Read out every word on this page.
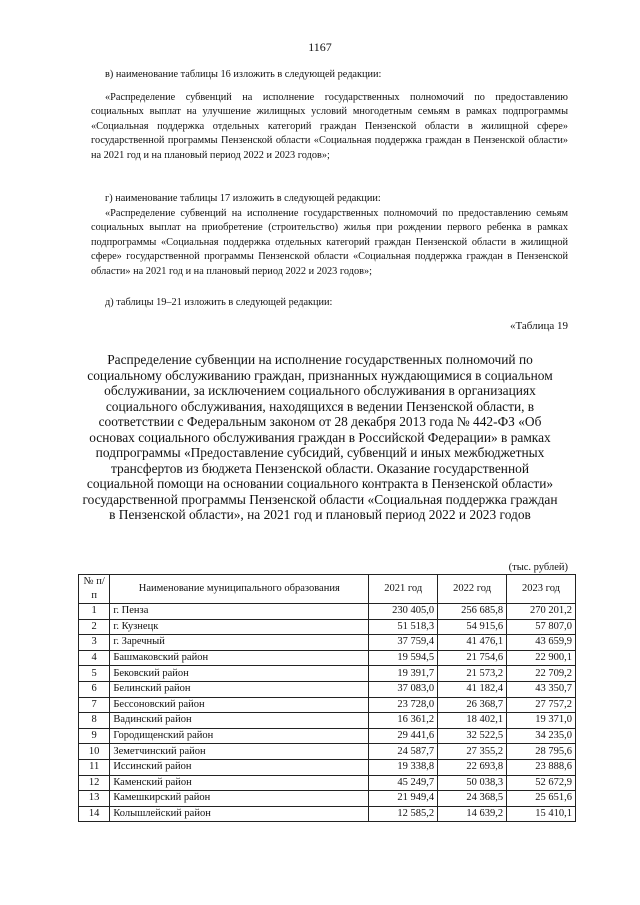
1167

в) наименование таблицы 16 изложить в следующей редакции:

«Распределение субвенций на исполнение государственных полномочий по предоставлению социальных выплат на улучшение жилищных условий многодетным семьям в рамках подпрограммы «Социальная поддержка отдельных категорий граждан Пензенской области в жилищной сфере» государственной программы Пензенской области «Социальная поддержка граждан в Пензенской области» на 2021 год и на плановый период 2022 и 2023 годов»;

г) наименование таблицы 17 изложить в следующей редакции:

«Распределение субвенций на исполнение государственных полномочий по предоставлению семьям социальных выплат на приобретение (строительство) жилья при рождении первого ребенка в рамках подпрограммы «Социальная поддержка отдельных категорий граждан Пензенской области в жилищной сфере» государственной программы Пензенской области «Социальная поддержка граждан в Пензенской области» на 2021 год и на плановый период 2022 и 2023 годов»;

д) таблицы 19–21 изложить в следующей редакции:

«Таблица 19

Распределение субвенции на исполнение государственных полномочий по социальному обслуживанию граждан, признанных нуждающимися в социальном обслуживании, за исключением социального обслуживания в организациях социального обслуживания, находящихся в ведении Пензенской области, в соответствии с Федеральным законом от 28 декабря 2013 года № 442-ФЗ «Об основах социального обслуживания граждан в Российской Федерации» в рамках подпрограммы «Предоставление субсидий, субвенций и иных межбюджетных трансфертов из бюджета Пензенской области. Оказание государственной социальной помощи на основании социального контракта в Пензенской области» государственной программы Пензенской области «Социальная поддержка граждан в Пензенской области», на 2021 год и плановый период 2022 и 2023 годов

(тыс. рублей)
№ п/п	Наименование муниципального образования	2021 год	2022 год	2023 год
1	г. Пенза	230 405,0	256 685,8	270 201,2
2	г. Кузнецк	51 518,3	54 915,6	57 807,0
3	г. Заречный	37 759,4	41 476,1	43 659,9
4	Башмаковский район	19 594,5	21 754,6	22 900,1
5	Бековский район	19 391,7	21 573,2	22 709,2
6	Белинский район	37 083,0	41 182,4	43 350,7
7	Бессоновский район	23 728,0	26 368,7	27 757,2
8	Вадинский район	16 361,2	18 402,1	19 371,0
9	Городищенский район	29 441,6	32 522,5	34 235,0
10	Земетчинский район	24 587,7	27 355,2	28 795,6
11	Иссинский район	19 338,8	22 693,8	23 888,6
12	Каменский район	45 249,7	50 038,3	52 672,9
13	Камешкирский район	21 949,4	24 368,5	25 651,6
14	Колышлейский район	12 585,2	14 639,2	15 410,1
